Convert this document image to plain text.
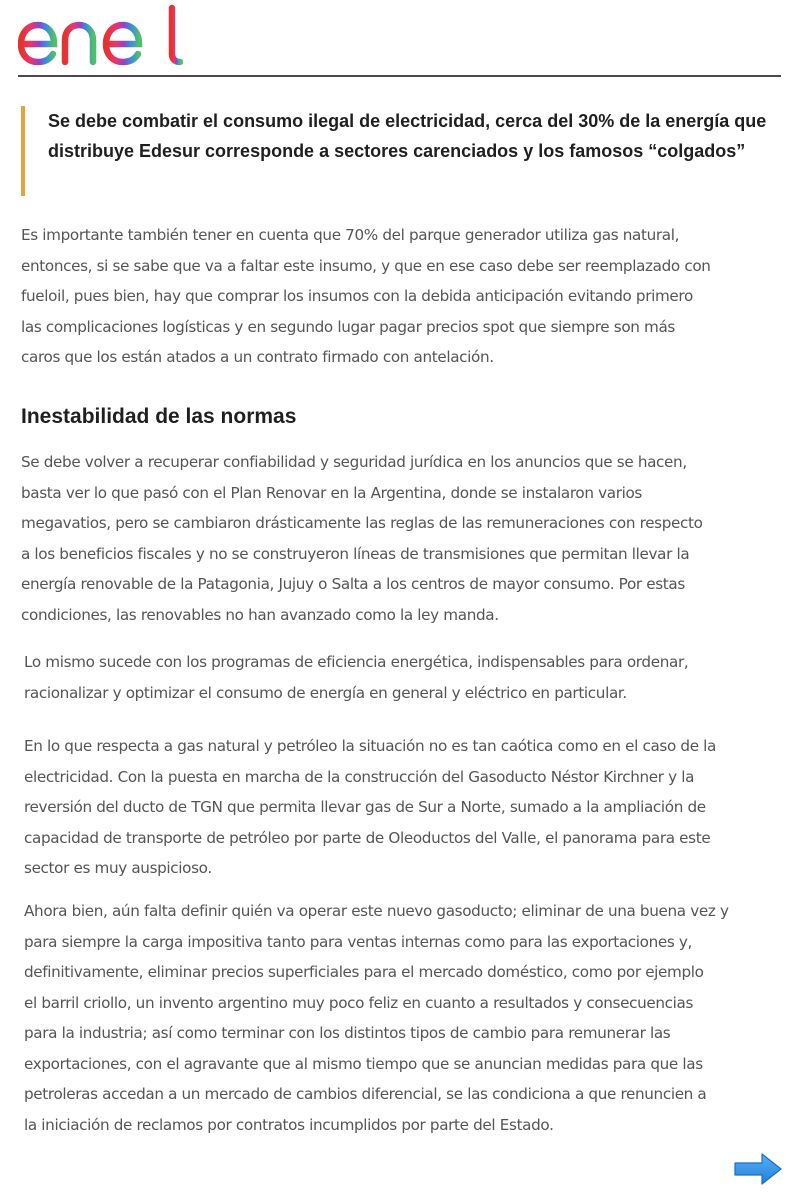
Se debe combatir el consumo ilegal de electricidad, cerca del 30% de la energía que distribuye Edesur corresponde a sectores carenciados y los famosos “colgados”

Es importante también tener en cuenta que 70% del parque generador utiliza gas natural,
entonces, si se sabe que va a faltar este insumo, y que en ese caso debe ser reemplazado con
fueloil, pues bien, hay que comprar los insumos con la debida anticipación evitando primero
las complicaciones logísticas y en segundo lugar pagar precios spot que siempre son más
caros que los están atados a un contrato firmado con antelación.
Inestabilidad de las normas
Se debe volver a recuperar confiabilidad y seguridad jurídica en los anuncios que se hacen,
basta ver lo que pasó con el Plan Renovar en la Argentina, donde se instalaron varios
megavatios, pero se cambiaron drásticamente las reglas de las remuneraciones con respecto
a los beneficios fiscales y no se construyeron líneas de transmisiones que permitan llevar la
energía renovable de la Patagonia, Jujuy o Salta a los centros de mayor consumo. Por estas
condiciones, las renovables no han avanzado como la ley manda.
Lo mismo sucede con los programas de eficiencia energética, indispensables para ordenar,
racionalizar y optimizar el consumo de energía en general y eléctrico en particular.
En lo que respecta a gas natural y petróleo la situación no es tan caótica como en el caso de la
electricidad. Con la puesta en marcha de la construcción del Gasoducto Néstor Kirchner y la
reversión del ducto de TGN que permita llevar gas de Sur a Norte, sumado a la ampliación de
capacidad de transporte de petróleo por parte de Oleoductos del Valle, el panorama para este
sector es muy auspicioso.
Ahora bien, aún falta definir quién va operar este nuevo gasoducto; eliminar de una buena vez y
para siempre la carga impositiva tanto para ventas internas como para las exportaciones y,
definitivamente, eliminar precios superficiales para el mercado doméstico, como por ejemplo
el barril criollo, un invento argentino muy poco feliz en cuanto a resultados y consecuencias
para la industria; así como terminar con los distintos tipos de cambio para remunerar las
exportaciones, con el agravante que al mismo tiempo que se anuncian medidas para que las
petroleras accedan a un mercado de cambios diferencial, se las condiciona a que renuncien a
la iniciación de reclamos por contratos incumplidos por parte del Estado.
